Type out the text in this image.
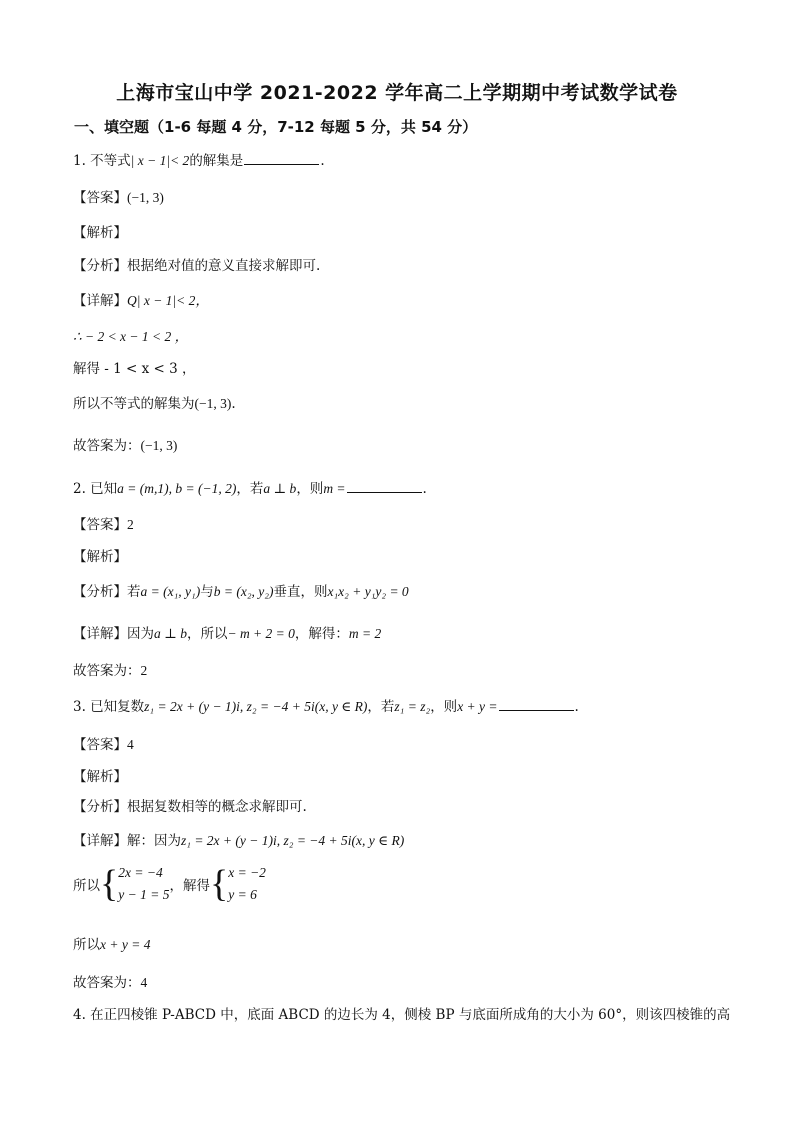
上海市宝山中学 2021-2022 学年高二上学期期中考试数学试卷
一、填空题（1-6 每题 4 分，7-12 每题 5 分，共 54 分）
1. 不等式| x − 1|< 2的解集是	.
【答案】(−1, 3)
【解析】
【分析】根据绝对值的意义直接求解即可.
【详解】Q| x − 1|< 2，
∴ − 2 < x − 1 < 2 ，
解得 - 1 < x < 3 ，
所以不等式的解集为(−1, 3).
故答案为：(−1, 3)
2. 已知a = (m,1), b = (−1, 2)，若a ⊥ b，则m =	.
【答案】2
【解析】
【分析】若a = (x₁, y₁)与b = (x₂, y₂)垂直，则x₁x₂ + y₁y₂ = 0
【详解】因为a ⊥ b，所以− m + 2 = 0，解得：m = 2
故答案为：2
3. 已知复数z₁ = 2x + (y − 1)i, z₂ = −4 + 5i(x, y ∈ R)，若z₁ = z₂，则x + y =	.
【答案】4
【解析】
【分析】根据复数相等的概念求解即可.
【详解】解：因为z₁ = 2x + (y − 1)i, z₂ = −4 + 5i(x, y ∈ R)
所以{2x = −4
y − 1 = 5，解得{x = −2
y = 6
所以x + y = 4
故答案为：4
4. 在正四棱锥 P-ABCD 中，底面 ABCD 的边长为 4，侧棱 BP 与底面所成角的大小为 60°，则该四棱锥的高
